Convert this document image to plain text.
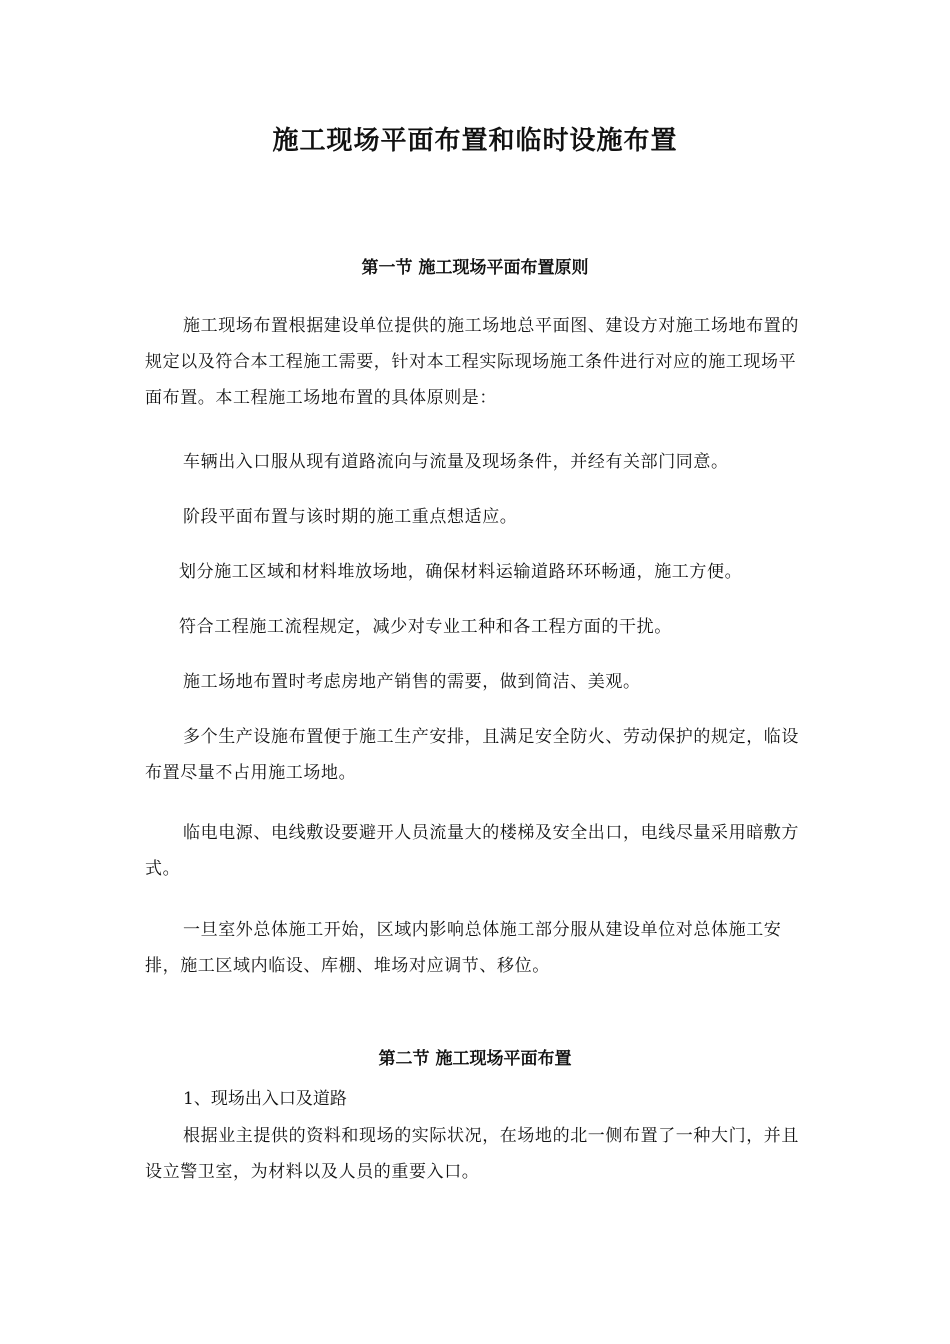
施工现场平面布置和临时设施布置
第一节 施工现场平面布置原则

施工现场布置根据建设单位提供的施工场地总平面图、建设方对施工场地布置的规定以及符合本工程施工需要，针对本工程实际现场施工条件进行对应的施工现场平面布置。本工程施工场地布置的具体原则是：

车辆出入口服从现有道路流向与流量及现场条件，并经有关部门同意。

阶段平面布置与该时期的施工重点想适应。

划分施工区域和材料堆放场地，确保材料运输道路环环畅通，施工方便。

符合工程施工流程规定，减少对专业工种和各工程方面的干扰。

施工场地布置时考虑房地产销售的需要，做到简洁、美观。

多个生产设施布置便于施工生产安排，且满足安全防火、劳动保护的规定，临设布置尽量不占用施工场地。

临电电源、电线敷设要避开人员流量大的楼梯及安全出口，电线尽量采用暗敷方式。

一旦室外总体施工开始，区域内影响总体施工部分服从建设单位对总体施工安排，施工区域内临设、库棚、堆场对应调节、移位。

第二节 施工现场平面布置

1、现场出入口及道路

根据业主提供的资料和现场的实际状况，在场地的北一侧布置了一种大门，并且设立警卫室，为材料以及人员的重要入口。
